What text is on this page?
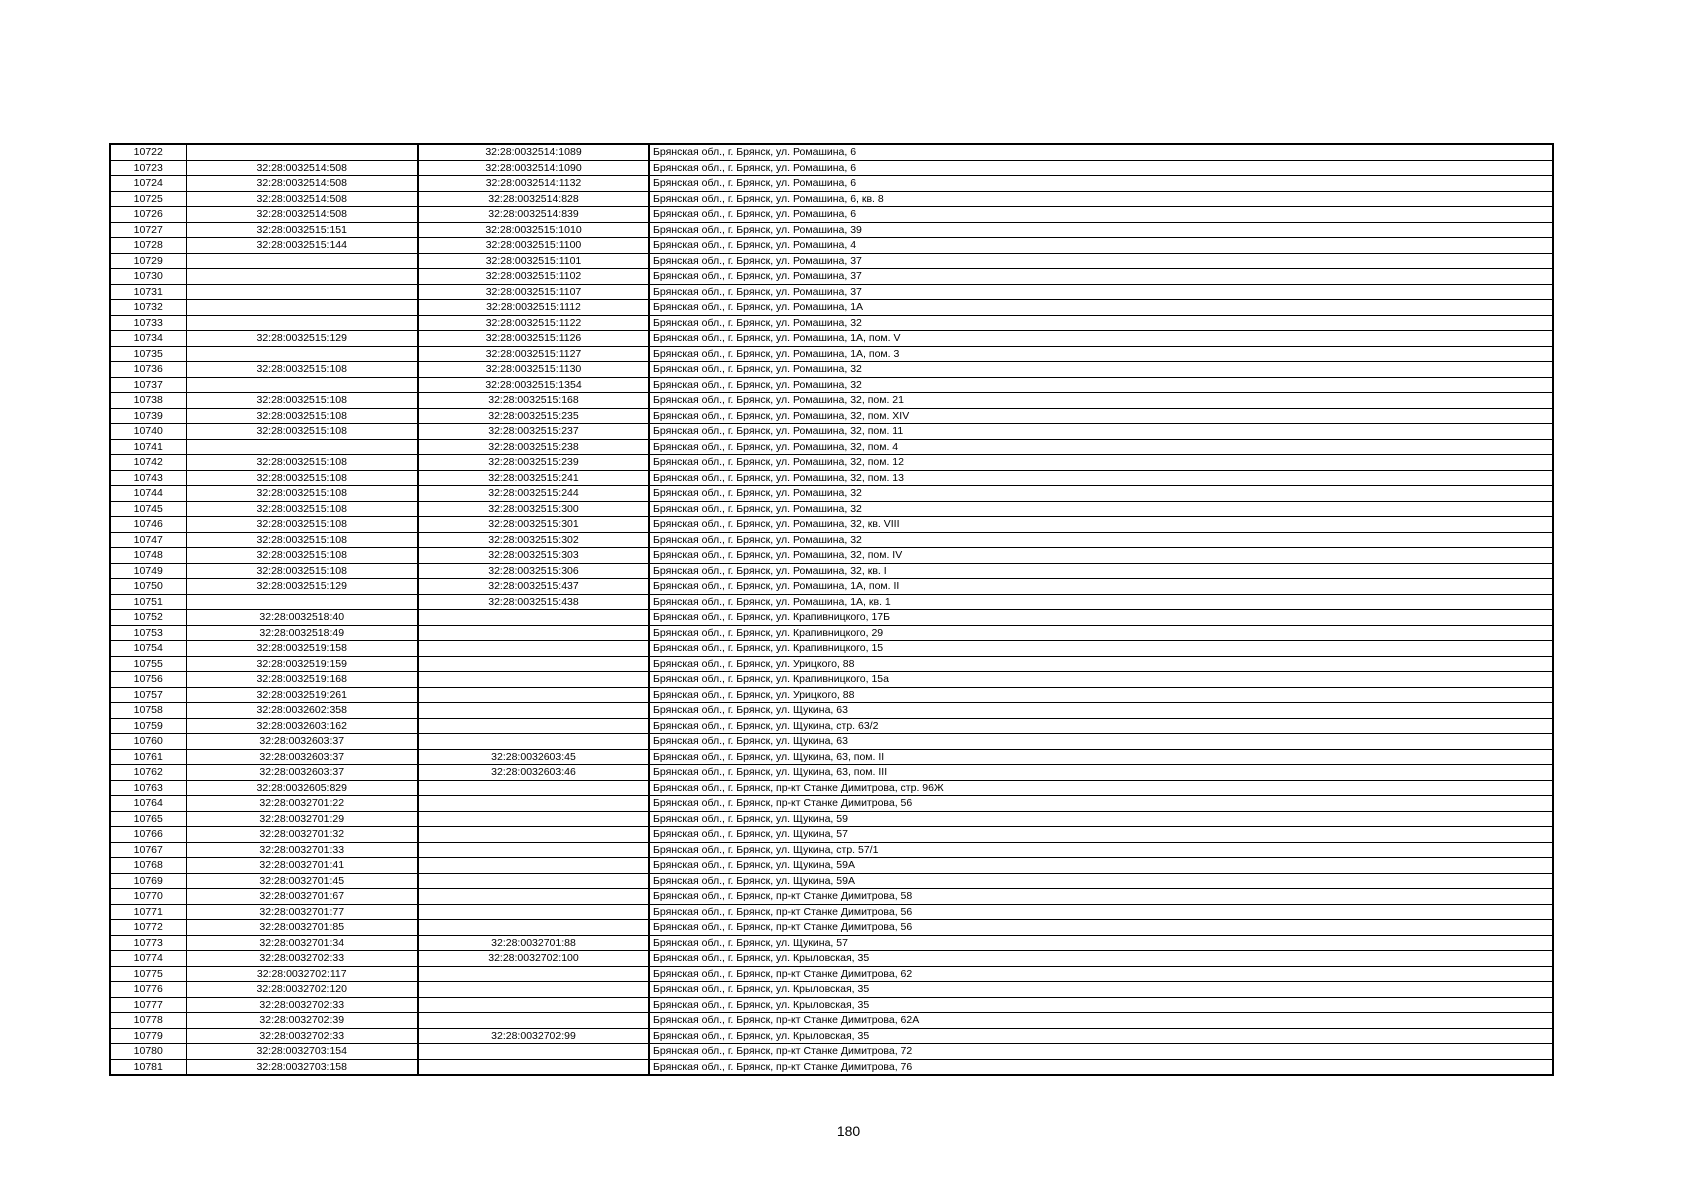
10722		32:28:0032514:1089	Брянская обл., г. Брянск, ул. Ромашина, 6
10723	32:28:0032514:508	32:28:0032514:1090	Брянская обл., г. Брянск, ул. Ромашина, 6
10724	32:28:0032514:508	32:28:0032514:1132	Брянская обл., г. Брянск, ул. Ромашина, 6
10725	32:28:0032514:508	32:28:0032514:828	Брянская обл., г. Брянск, ул. Ромашина, 6, кв. 8
10726	32:28:0032514:508	32:28:0032514:839	Брянская обл., г. Брянск, ул. Ромашина, 6
10727	32:28:0032515:151	32:28:0032515:1010	Брянская обл., г. Брянск, ул. Ромашина, 39
10728	32:28:0032515:144	32:28:0032515:1100	Брянская обл., г. Брянск, ул. Ромашина, 4
10729		32:28:0032515:1101	Брянская обл., г. Брянск, ул. Ромашина, 37
10730		32:28:0032515:1102	Брянская обл., г. Брянск, ул. Ромашина, 37
10731		32:28:0032515:1107	Брянская обл., г. Брянск, ул. Ромашина, 37
10732		32:28:0032515:1112	Брянская обл., г. Брянск, ул. Ромашина, 1А
10733		32:28:0032515:1122	Брянская обл., г. Брянск, ул. Ромашина, 32
10734	32:28:0032515:129	32:28:0032515:1126	Брянская обл., г. Брянск, ул. Ромашина, 1А, пом. V
10735		32:28:0032515:1127	Брянская обл., г. Брянск, ул. Ромашина, 1А, пом. 3
10736	32:28:0032515:108	32:28:0032515:1130	Брянская обл., г. Брянск, ул. Ромашина, 32
10737		32:28:0032515:1354	Брянская обл., г. Брянск, ул. Ромашина, 32
10738	32:28:0032515:108	32:28:0032515:168	Брянская обл., г. Брянск, ул. Ромашина, 32, пом. 21
10739	32:28:0032515:108	32:28:0032515:235	Брянская обл., г. Брянск, ул. Ромашина, 32, пом. XIV
10740	32:28:0032515:108	32:28:0032515:237	Брянская обл., г. Брянск, ул. Ромашина, 32, пом. 11
10741		32:28:0032515:238	Брянская обл., г. Брянск, ул. Ромашина, 32, пом. 4
10742	32:28:0032515:108	32:28:0032515:239	Брянская обл., г. Брянск, ул. Ромашина, 32, пом. 12
10743	32:28:0032515:108	32:28:0032515:241	Брянская обл., г. Брянск, ул. Ромашина, 32, пом. 13
10744	32:28:0032515:108	32:28:0032515:244	Брянская обл., г. Брянск, ул. Ромашина, 32
10745	32:28:0032515:108	32:28:0032515:300	Брянская обл., г. Брянск, ул. Ромашина, 32
10746	32:28:0032515:108	32:28:0032515:301	Брянская обл., г. Брянск, ул. Ромашина, 32, кв. VIII
10747	32:28:0032515:108	32:28:0032515:302	Брянская обл., г. Брянск, ул. Ромашина, 32
10748	32:28:0032515:108	32:28:0032515:303	Брянская обл., г. Брянск, ул. Ромашина, 32, пом. IV
10749	32:28:0032515:108	32:28:0032515:306	Брянская обл., г. Брянск, ул. Ромашина, 32, кв. I
10750	32:28:0032515:129	32:28:0032515:437	Брянская обл., г. Брянск, ул. Ромашина, 1А, пом. II
10751		32:28:0032515:438	Брянская обл., г. Брянск, ул. Ромашина, 1А, кв. 1
10752	32:28:0032518:40		Брянская обл., г. Брянск, ул. Крапивницкого, 17Б
10753	32:28:0032518:49		Брянская обл., г. Брянск, ул. Крапивницкого, 29
10754	32:28:0032519:158		Брянская обл., г. Брянск, ул. Крапивницкого, 15
10755	32:28:0032519:159		Брянская обл., г. Брянск, ул. Урицкого, 88
10756	32:28:0032519:168		Брянская обл., г. Брянск, ул. Крапивницкого, 15а
10757	32:28:0032519:261		Брянская обл., г. Брянск, ул. Урицкого, 88
10758	32:28:0032602:358		Брянская обл., г. Брянск, ул. Щукина, 63
10759	32:28:0032603:162		Брянская обл., г. Брянск, ул. Щукина, стр. 63/2
10760	32:28:0032603:37		Брянская обл., г. Брянск, ул. Щукина, 63
10761	32:28:0032603:37	32:28:0032603:45	Брянская обл., г. Брянск, ул. Щукина, 63, пом. II
10762	32:28:0032603:37	32:28:0032603:46	Брянская обл., г. Брянск, ул. Щукина, 63, пом. III
10763	32:28:0032605:829		Брянская обл., г. Брянск, пр-кт Станке Димитрова, стр. 96Ж
10764	32:28:0032701:22		Брянская обл., г. Брянск, пр-кт Станке Димитрова, 56
10765	32:28:0032701:29		Брянская обл., г. Брянск, ул. Щукина, 59
10766	32:28:0032701:32		Брянская обл., г. Брянск, ул. Щукина, 57
10767	32:28:0032701:33		Брянская обл., г. Брянск, ул. Щукина, стр. 57/1
10768	32:28:0032701:41		Брянская обл., г. Брянск, ул. Щукина, 59А
10769	32:28:0032701:45		Брянская обл., г. Брянск, ул. Щукина, 59А
10770	32:28:0032701:67		Брянская обл., г. Брянск, пр-кт Станке Димитрова, 58
10771	32:28:0032701:77		Брянская обл., г. Брянск, пр-кт Станке Димитрова, 56
10772	32:28:0032701:85		Брянская обл., г. Брянск, пр-кт Станке Димитрова, 56
10773	32:28:0032701:34	32:28:0032701:88	Брянская обл., г. Брянск, ул. Щукина, 57
10774	32:28:0032702:33	32:28:0032702:100	Брянская обл., г. Брянск, ул. Крыловская, 35
10775	32:28:0032702:117		Брянская обл., г. Брянск, пр-кт Станке Димитрова, 62
10776	32:28:0032702:120		Брянская обл., г. Брянск, ул. Крыловская, 35
10777	32:28:0032702:33		Брянская обл., г. Брянск, ул. Крыловская, 35
10778	32:28:0032702:39		Брянская обл., г. Брянск, пр-кт Станке Димитрова, 62А
10779	32:28:0032702:33	32:28:0032702:99	Брянская обл., г. Брянск, ул. Крыловская, 35
10780	32:28:0032703:154		Брянская обл., г. Брянск, пр-кт Станке Димитрова, 72
10781	32:28:0032703:158		Брянская обл., г. Брянск, пр-кт Станке Димитрова, 76
180
